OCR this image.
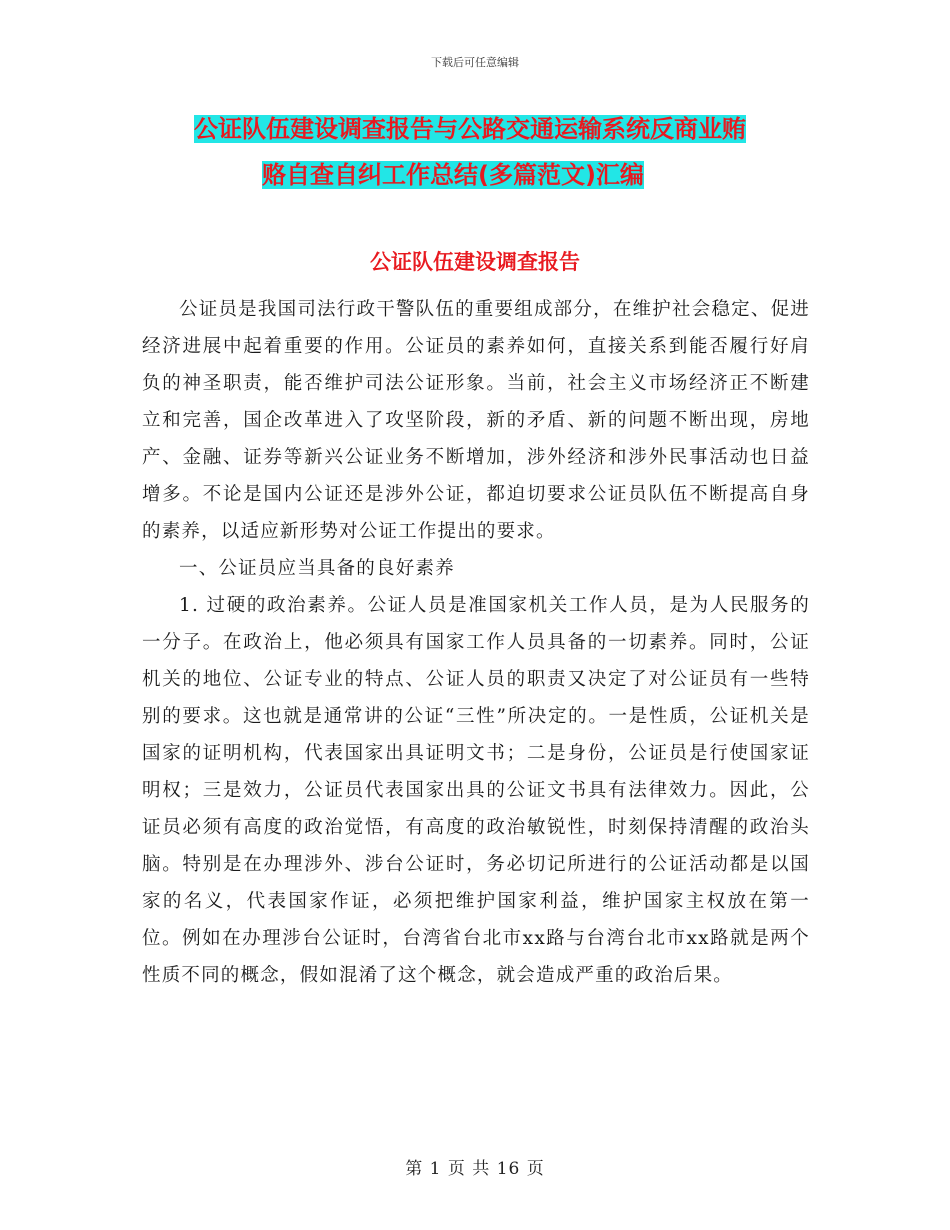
下载后可任意编辑
公证队伍建设调查报告与公路交通运输系统反商业贿
赂自查自纠工作总结(多篇范文)汇编
公证队伍建设调查报告

公证员是我国司法行政干警队伍的重要组成部分，在维护社会稳定、促进经济进展中起着重要的作用。公证员的素养如何，直接关系到能否履行好肩负的神圣职责，能否维护司法公证形象。当前，社会主义市场经济正不断建立和完善，国企改革进入了攻坚阶段，新的矛盾、新的问题不断出现，房地产、金融、证券等新兴公证业务不断增加，涉外经济和涉外民事活动也日益增多。不论是国内公证还是涉外公证，都迫切要求公证员队伍不断提高自身的素养，以适应新形势对公证工作提出的要求。

一、公证员应当具备的良好素养

1. 过硬的政治素养。公证人员是准国家机关工作人员，是为人民服务的一分子。在政治上，他必须具有国家工作人员具备的一切素养。同时，公证机关的地位、公证专业的特点、公证人员的职责又决定了对公证员有一些特别的要求。这也就是通常讲的公证“三性”所决定的。一是性质，公证机关是国家的证明机构，代表国家出具证明文书；二是身份，公证员是行使国家证明权；三是效力，公证员代表国家出具的公证文书具有法律效力。因此，公证员必须有高度的政治觉悟，有高度的政治敏锐性，时刻保持清醒的政治头脑。特别是在办理涉外、涉台公证时，务必切记所进行的公证活动都是以国家的名义，代表国家作证，必须把维护国家利益，维护国家主权放在第一位。例如在办理涉台公证时，台湾省台北市xx路与台湾台北市xx路就是两个性质不同的概念，假如混淆了这个概念，就会造成严重的政治后果。

第 1 页 共 16 页
